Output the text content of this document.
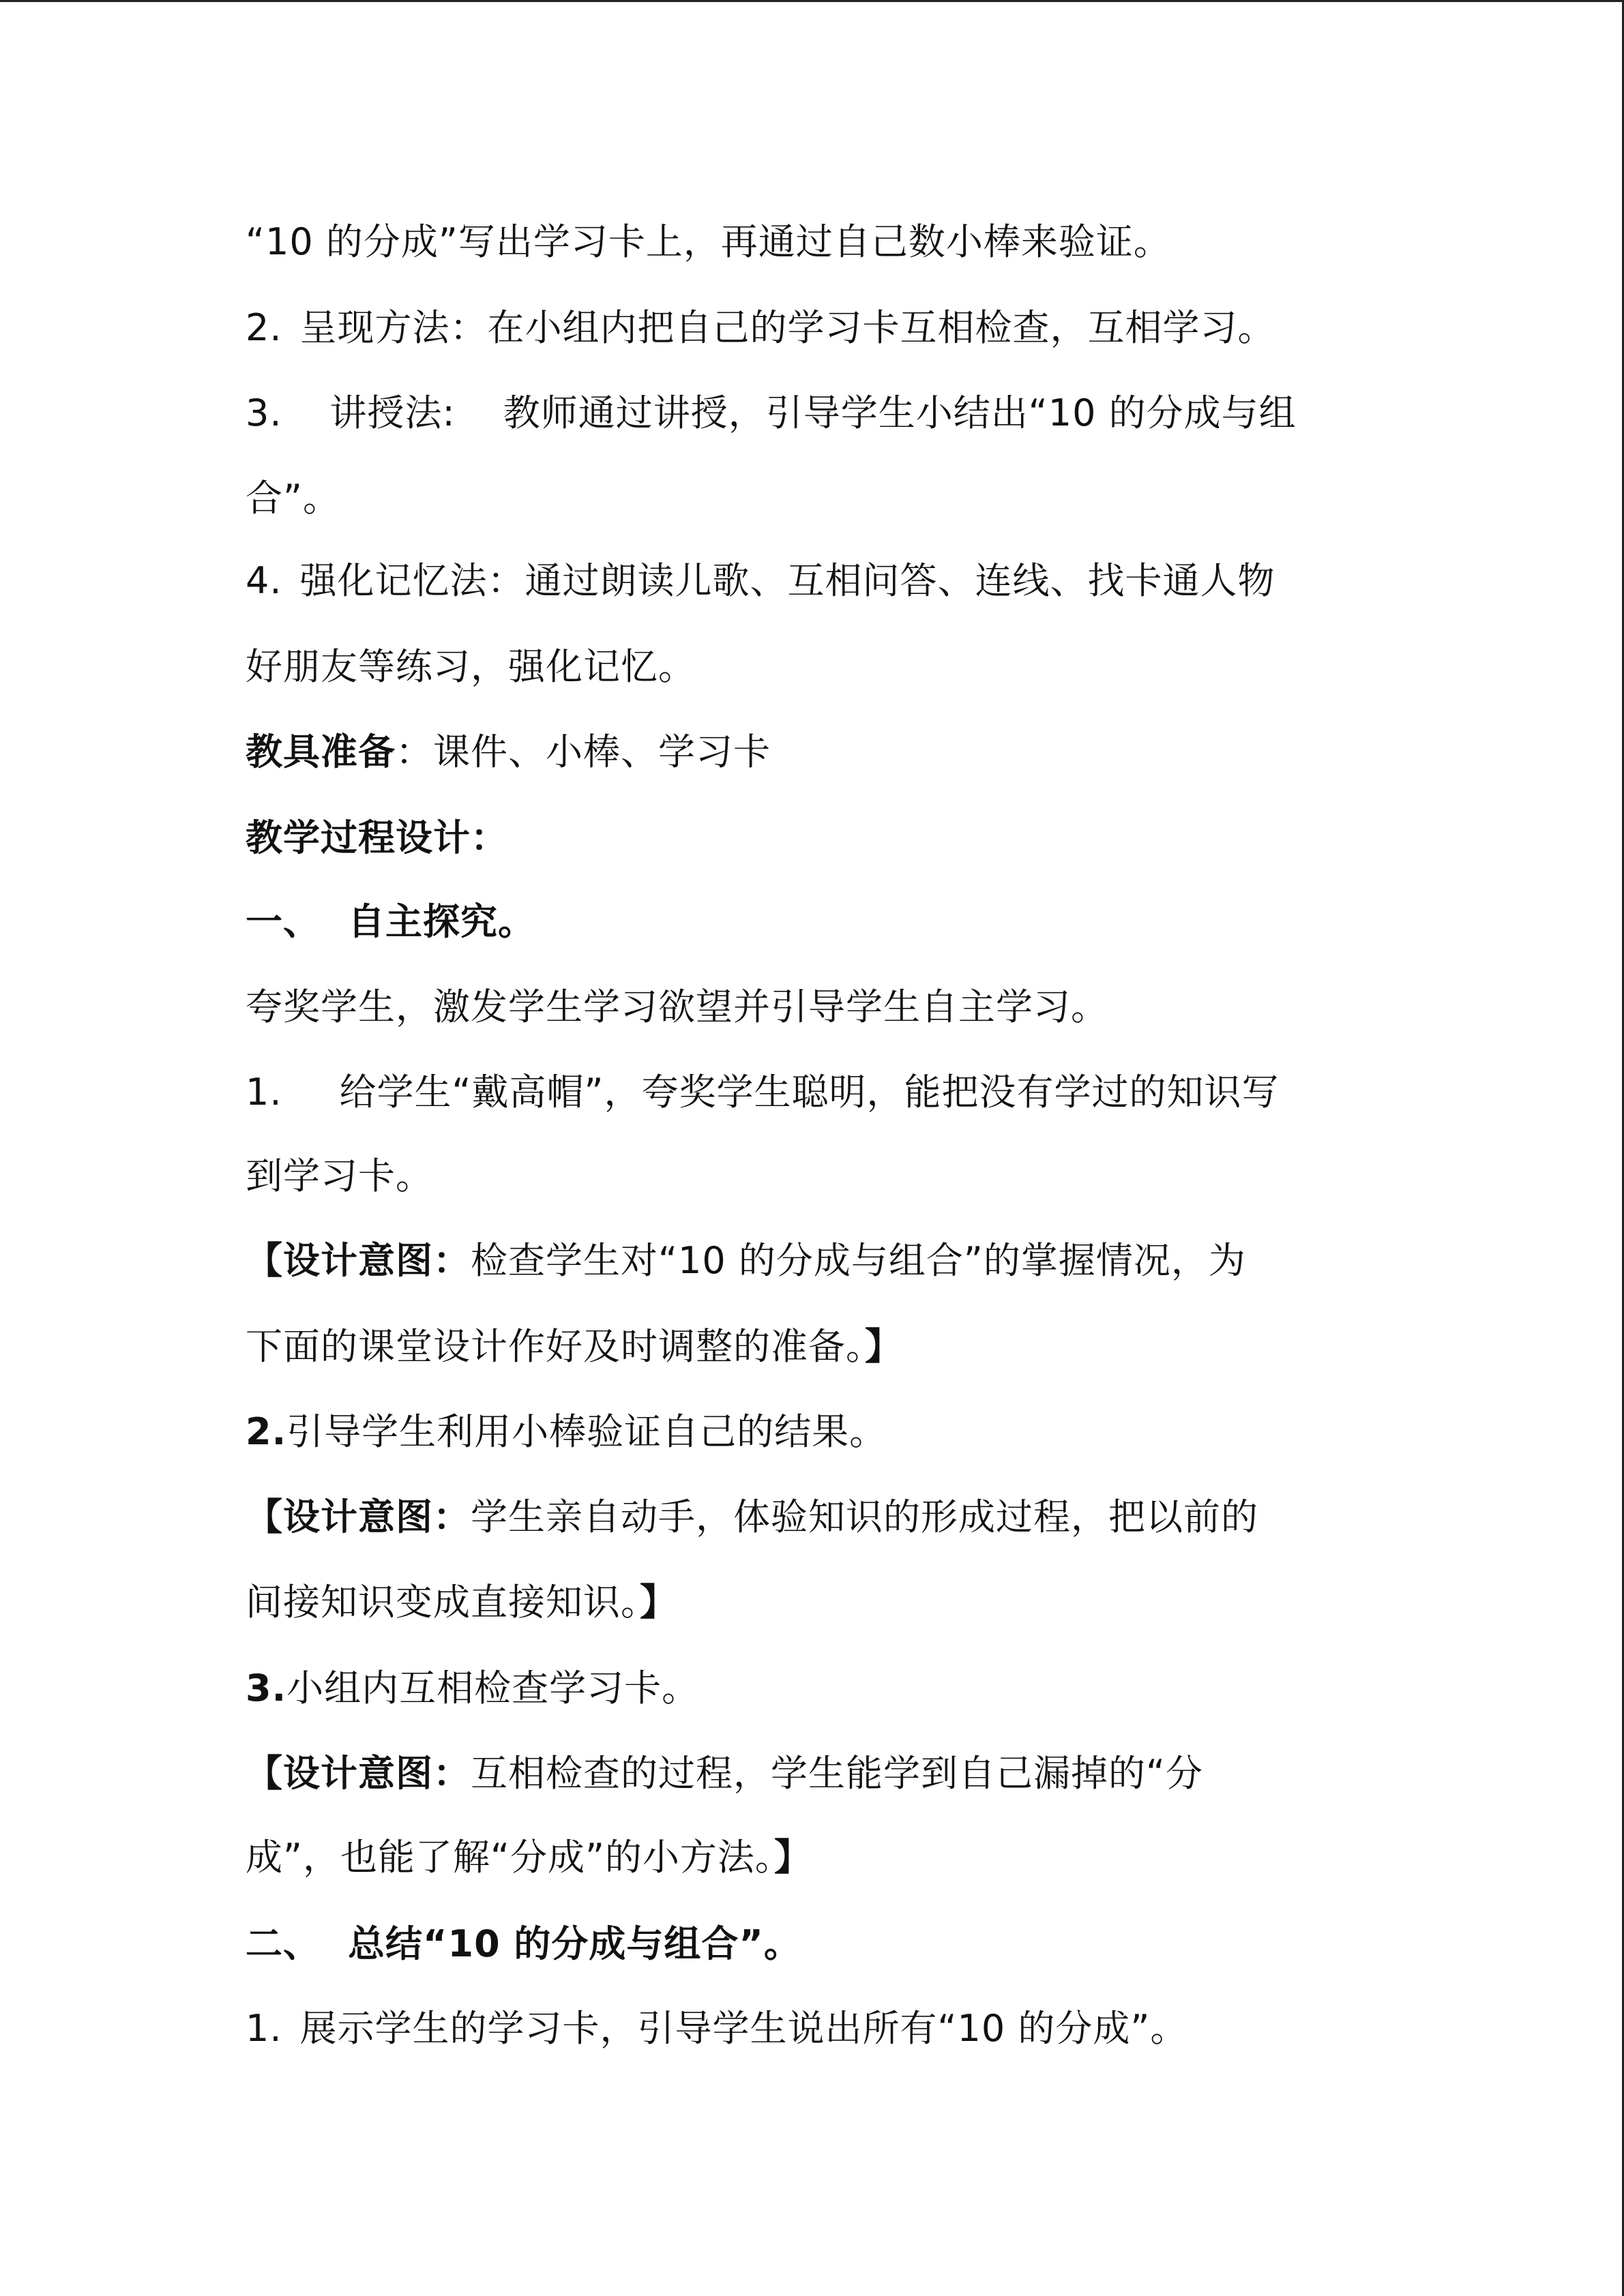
“10 的分成”写出学习卡上，再通过自己数小棒来验证。
2. 呈现方法：在小组内把自己的学习卡互相检查，互相学习。
3. 讲授法: 教师通过讲授，引导学生小结出“10 的分成与组
合”。
4. 强化记忆法：通过朗读儿歌、互相问答、连线、找卡通人物
好朋友等练习，强化记忆。
教具准备：课件、小棒、学习卡
教学过程设计：
一、 自主探究。
夸奖学生，激发学生学习欲望并引导学生自主学习。
1. 给学生“戴高帽”，夸奖学生聪明，能把没有学过的知识写
到学习卡。
【设计意图：检查学生对“10 的分成与组合”的掌握情况，为
下面的课堂设计作好及时调整的准备。】
2.引导学生利用小棒验证自己的结果。
【设计意图：学生亲自动手，体验知识的形成过程，把以前的
间接知识变成直接知识。】
3.小组内互相检查学习卡。
【设计意图：互相检查的过程，学生能学到自己漏掉的“分
成”，也能了解“分成”的小方法。】
二、 总结“10 的分成与组合”。
1. 展示学生的学习卡，引导学生说出所有“10 的分成”。
